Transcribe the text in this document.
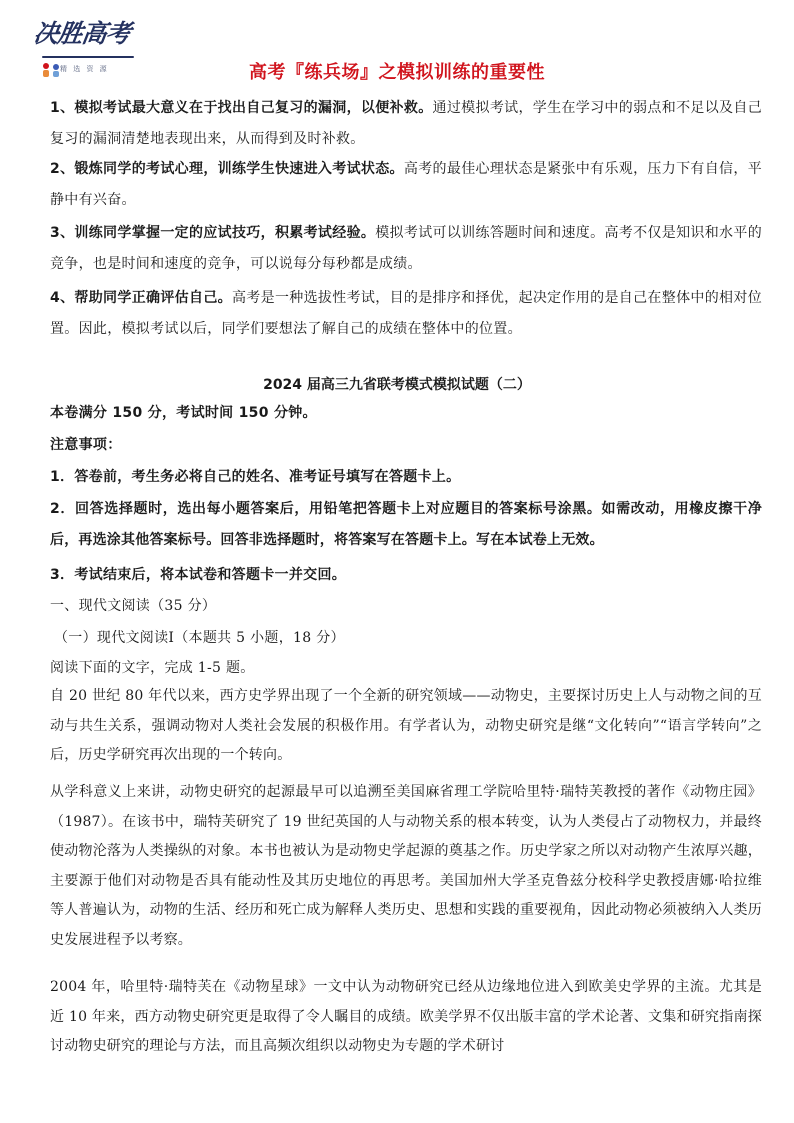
决胜高考
精 选 资 源	高考『练兵场』之模拟训练的重要性
1、模拟考试最大意义在于找出自己复习的漏洞，以便补救。通过模拟考试，学生在学习中的弱点和不足以及自己复习的漏洞清楚地表现出来，从而得到及时补救。
2、锻炼同学的考试心理，训练学生快速进入考试状态。高考的最佳心理状态是紧张中有乐观，压力下有自信，平静中有兴奋。
3、训练同学掌握一定的应试技巧，积累考试经验。模拟考试可以训练答题时间和速度。高考不仅是知识和水平的竞争，也是时间和速度的竞争，可以说每分每秒都是成绩。
4、帮助同学正确评估自己。高考是一种选拔性考试，目的是排序和择优，起决定作用的是自己在整体中的相对位置。因此，模拟考试以后，同学们要想法了解自己的成绩在整体中的位置。
2024 届高三九省联考模式模拟试题（二）
本卷满分 150 分，考试时间 150 分钟。
注意事项：
1．答卷前，考生务必将自己的姓名、准考证号填写在答题卡上。
2．回答选择题时，选出每小题答案后，用铅笔把答题卡上对应题目的答案标号涂黑。如需改动，用橡皮擦干净后，再选涂其他答案标号。回答非选择题时，将答案写在答题卡上。写在本试卷上无效。
3．考试结束后，将本试卷和答题卡一并交回。
一、现代文阅读（35 分）
（一）现代文阅读Ⅰ（本题共 5 小题，18 分）
阅读下面的文字，完成 1-5 题。
自 20 世纪 80 年代以来，西方史学界出现了一个全新的研究领域——动物史，主要探讨历史上人与动物之间的互动与共生关系，强调动物对人类社会发展的积极作用。有学者认为，动物史研究是继“文化转向”“语言学转向”之后，历史学研究再次出现的一个转向。
从学科意义上来讲，动物史研究的起源最早可以追溯至美国麻省理工学院哈里特·瑞特芙教授的著作《动物庄园》（1987）。在该书中，瑞特芙研究了 19 世纪英国的人与动物关系的根本转变，认为人类侵占了动物权力，并最终使动物沦落为人类操纵的对象。本书也被认为是动物史学起源的奠基之作。历史学家之所以对动物产生浓厚兴趣，主要源于他们对动物是否具有能动性及其历史地位的再思考。美国加州大学圣克鲁兹分校科学史教授唐娜·哈拉维等人普遍认为，动物的生活、经历和死亡成为解释人类历史、思想和实践的重要视角，因此动物必须被纳入人类历史发展进程予以考察。
2004 年，哈里特·瑞特芙在《动物星球》一文中认为动物研究已经从边缘地位进入到欧美史学界的主流。尤其是近 10 年来，西方动物史研究更是取得了令人瞩目的成绩。欧美学界不仅出版丰富的学术论著、文集和研究指南探讨动物史研究的理论与方法，而且高频次组织以动物史为专题的学术研讨
